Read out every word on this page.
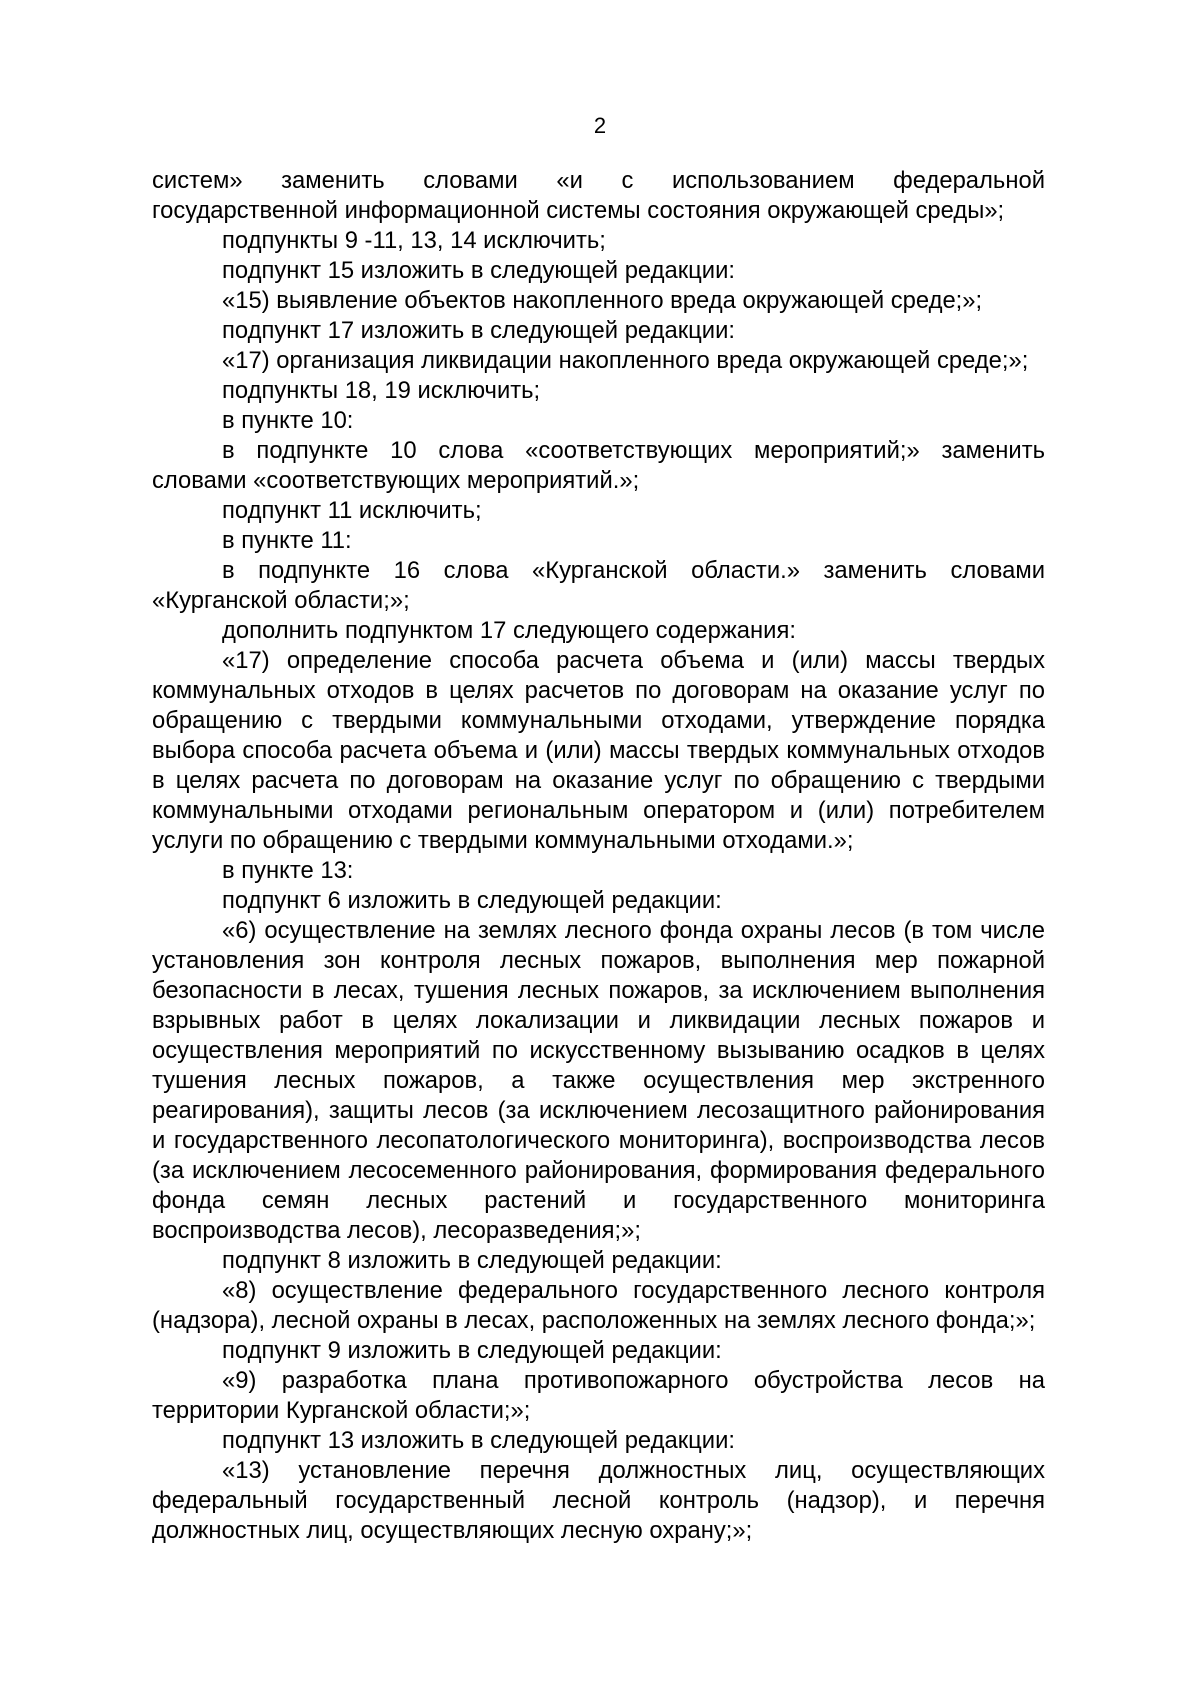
2

систем» заменить словами «и с использованием федеральной государственной информационной системы состояния окружающей среды»;

подпункты 9 -11, 13, 14 исключить;

подпункт 15 изложить в следующей редакции:

«15) выявление объектов накопленного вреда окружающей среде;»;

подпункт 17 изложить в следующей редакции:

«17) организация ликвидации накопленного вреда окружающей среде;»;

подпункты 18, 19 исключить;

в пункте 10:

в подпункте 10 слова «соответствующих мероприятий;» заменить словами «соответствующих мероприятий.»;

подпункт 11 исключить;

в пункте 11:

в подпункте 16 слова «Курганской области.» заменить словами «Курганской области;»;

дополнить подпунктом 17 следующего содержания:

«17) определение способа расчета объема и (или) массы твердых коммунальных отходов в целях расчетов по договорам на оказание услуг по обращению с твердыми коммунальными отходами, утверждение порядка выбора способа расчета объема и (или) массы твердых коммунальных отходов в целях расчета по договорам на оказание услуг по обращению с твердыми коммунальными отходами региональным оператором и (или) потребителем услуги по обращению с твердыми коммунальными отходами.»;

в пункте 13:

подпункт 6 изложить в следующей редакции:

«6) осуществление на землях лесного фонда охраны лесов (в том числе установления зон контроля лесных пожаров, выполнения мер пожарной безопасности в лесах, тушения лесных пожаров, за исключением выполнения взрывных работ в целях локализации и ликвидации лесных пожаров и осуществления мероприятий по искусственному вызыванию осадков в целях тушения лесных пожаров, а также осуществления мер экстренного реагирования), защиты лесов (за исключением лесозащитного районирования и государственного лесопатологического мониторинга), воспроизводства лесов (за исключением лесосеменного районирования, формирования федерального фонда семян лесных растений и государственного мониторинга воспроизводства лесов), лесоразведения;»;

подпункт 8 изложить в следующей редакции:

«8) осуществление федерального государственного лесного контроля (надзора), лесной охраны в лесах, расположенных на землях лесного фонда;»;

подпункт 9 изложить в следующей редакции:

«9) разработка плана противопожарного обустройства лесов на территории Курганской области;»;

подпункт 13 изложить в следующей редакции:

«13) установление перечня должностных лиц, осуществляющих федеральный государственный лесной контроль (надзор), и перечня должностных лиц, осуществляющих лесную охрану;»;
